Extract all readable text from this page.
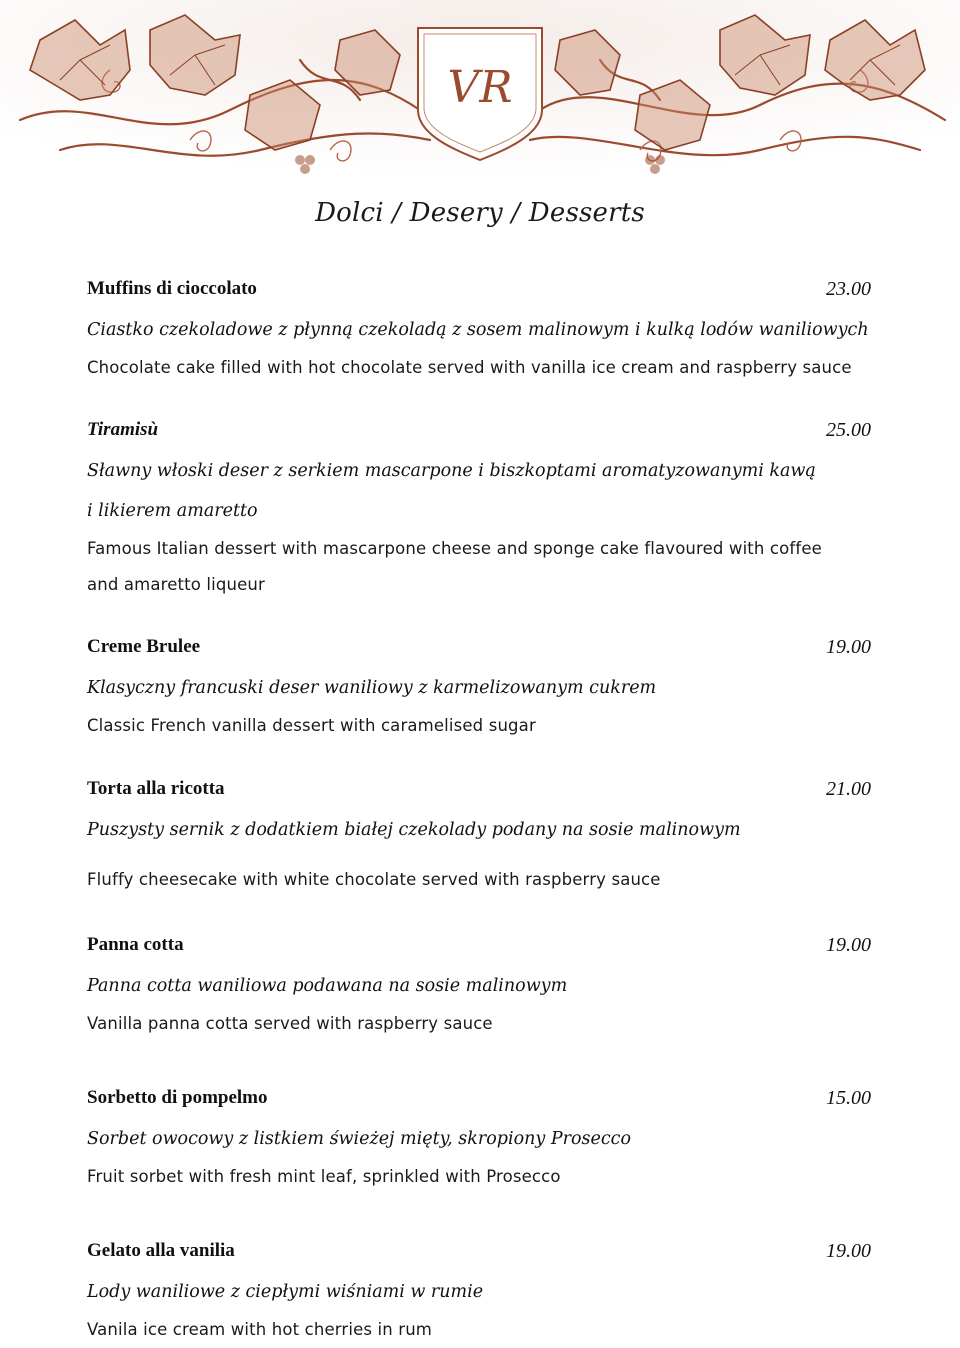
VR
Dolci / Desery / Desserts
Muffins di cioccolato	23.00
Ciastko czekoladowe z płynną czekoladą z sosem malinowym i kulką lodów waniliowych
Chocolate cake filled with hot chocolate served with vanilla ice cream and raspberry sauce
Tiramisù	25.00
Sławny włoski deser z serkiem mascarpone i biszkoptami aromatyzowanymi kawą
i likierem amaretto
Famous Italian dessert with mascarpone cheese and sponge cake flavoured with coffee
and amaretto liqueur
Creme Brulee	19.00
Klasyczny francuski deser waniliowy z karmelizowanym cukrem
Classic French vanilla dessert with caramelised sugar
Torta alla ricotta	21.00
Puszysty sernik z dodatkiem białej czekolady podany na sosie malinowym
Fluffy cheesecake with white chocolate served with raspberry sauce
Panna cotta	19.00
Panna cotta waniliowa podawana na sosie malinowym
Vanilla panna cotta served with raspberry sauce
Sorbetto di pompelmo	15.00
Sorbet owocowy z listkiem świeżej mięty, skropiony Prosecco
Fruit sorbet with fresh mint leaf, sprinkled with Prosecco
Gelato alla vanilia	19.00
Lody waniliowe z ciepłymi wiśniami w rumie
Vanila ice cream with hot cherries in rum
